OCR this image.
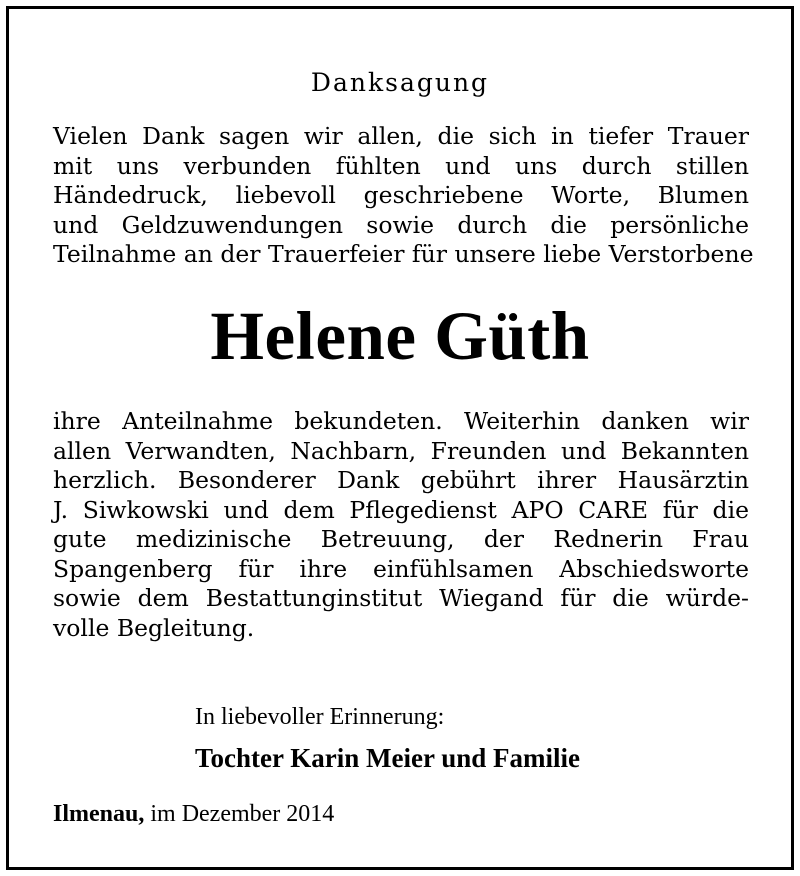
Danksagung
Vielen Dank sagen wir allen, die sich in tiefer Trauer
mit uns verbunden fühlten und uns durch stillen
Händedruck, liebevoll geschriebene Worte, Blumen
und Geldzuwendungen sowie durch die persönliche
Teilnahme an der Trauerfeier für unsere liebe Verstorbene
Helene Güth
ihre Anteilnahme bekundeten. Weiterhin danken wir
allen Verwandten, Nachbarn, Freunden und Bekannten
herzlich. Besonderer Dank gebührt ihrer Hausärztin
J. Siwkowski und dem Pflegedienst APO CARE für die
gute medizinische Betreuung, der Rednerin Frau
Spangenberg für ihre einfühlsamen Abschiedsworte
sowie dem Bestattunginstitut Wiegand für die würde-
volle Begleitung.
In liebevoller Erinnerung:
Tochter Karin Meier und Familie
Ilmenau, im Dezember 2014
